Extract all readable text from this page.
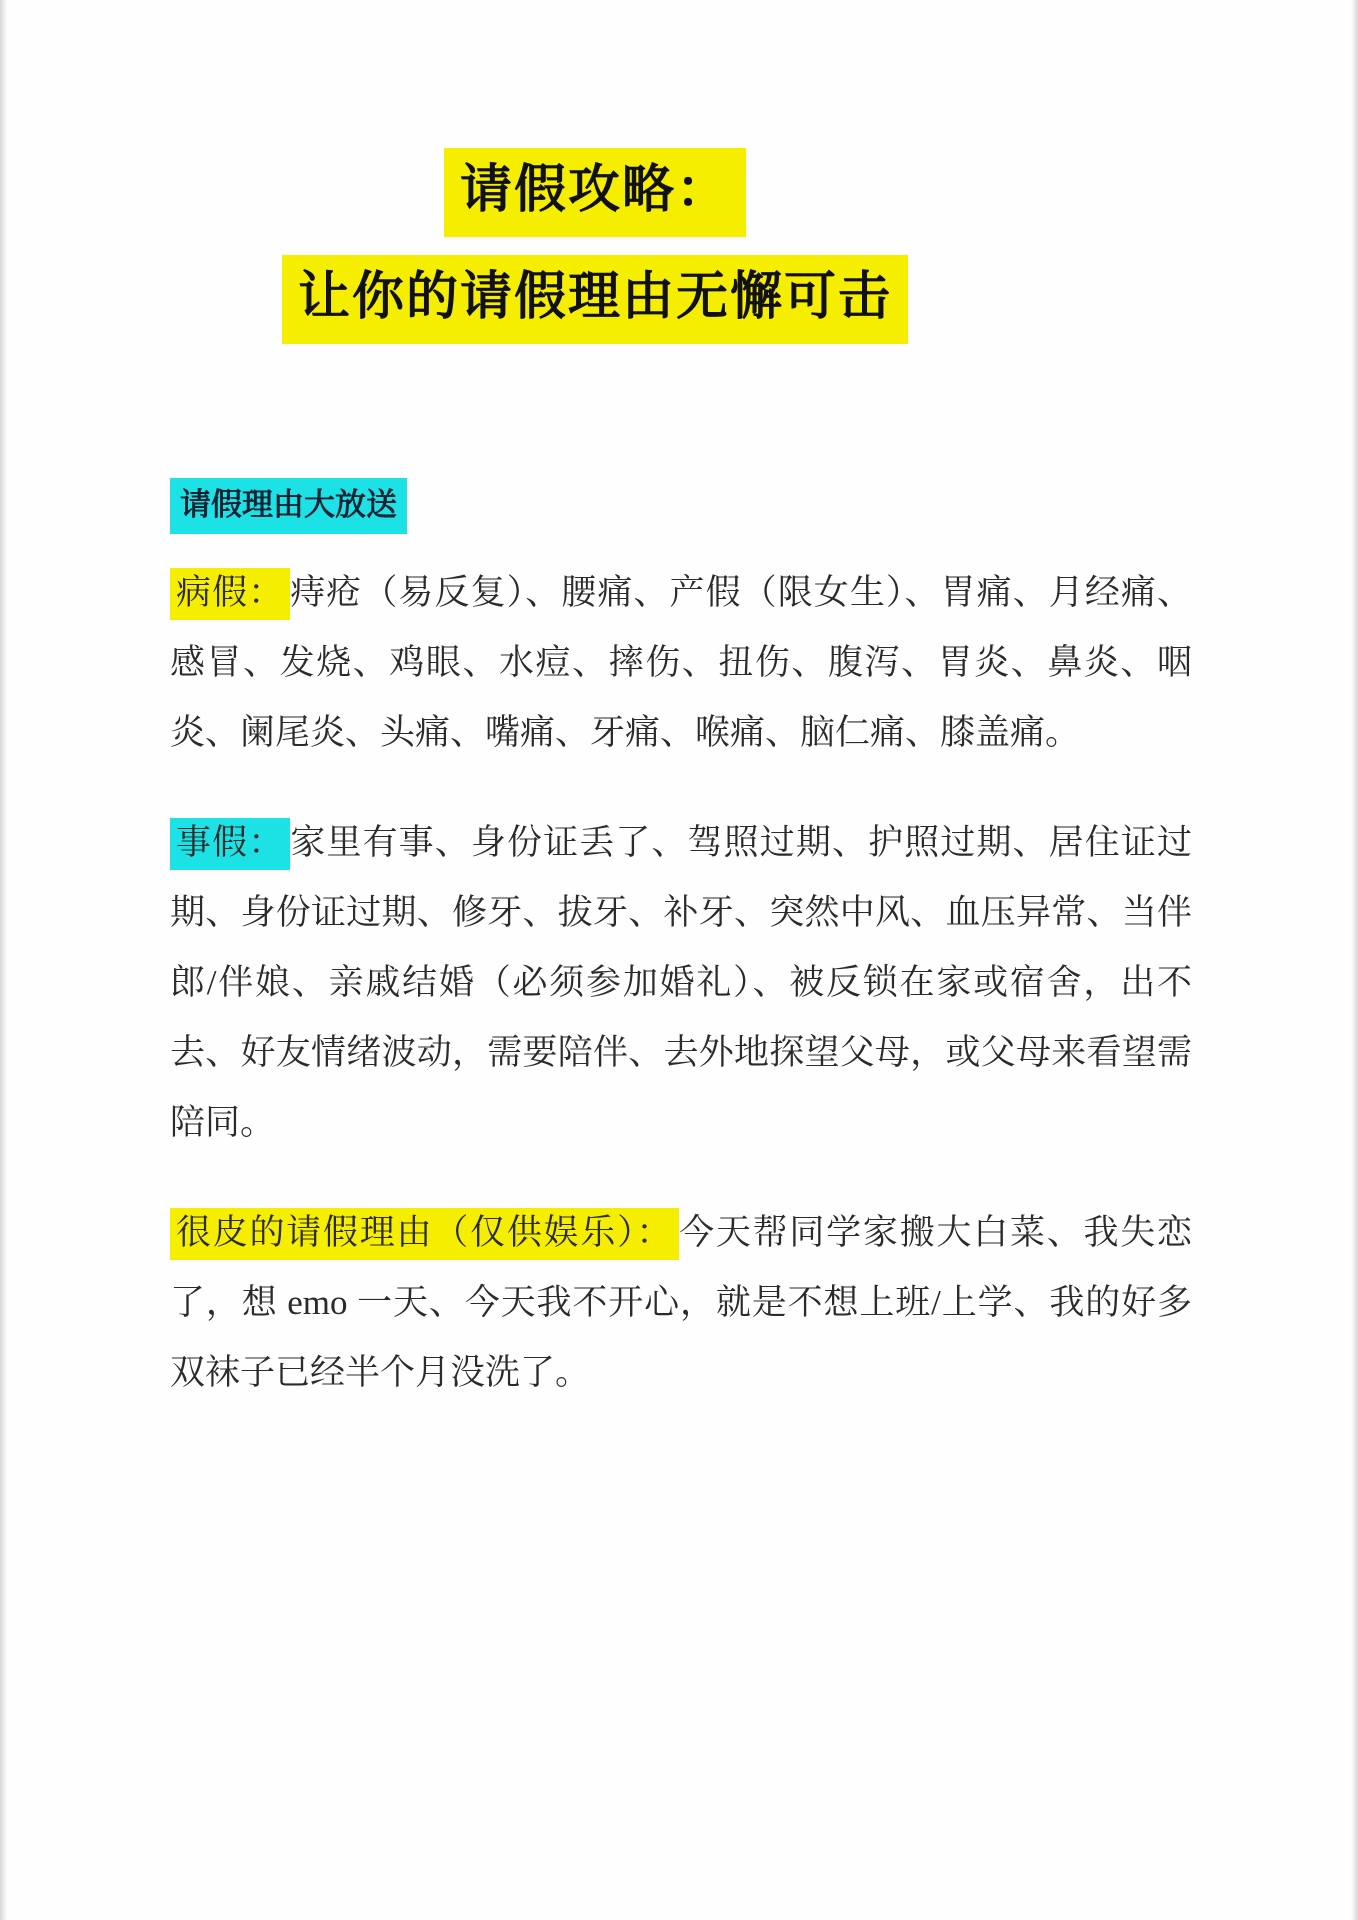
请假攻略：
让你的请假理由无懈可击
请假理由大放送

病假： 痔疮（易反复）、腰痛、产假（限女生）、胃痛、月经痛、感冒、发烧、鸡眼、水痘、摔伤、扭伤、腹泻、胃炎、鼻炎、咽炎、阑尾炎、头痛、嘴痛、牙痛、喉痛、脑仁痛、膝盖痛。

事假： 家里有事、身份证丢了、驾照过期、护照过期、居住证过期、身份证过期、修牙、拔牙、补牙、突然中风、血压异常、当伴郎/伴娘、亲戚结婚（必须参加婚礼）、被反锁在家或宿舍，出不去、好友情绪波动，需要陪伴、去外地探望父母，或父母来看望需陪同。

很皮的请假理由（仅供娱乐）： 今天帮同学家搬大白菜、我失恋了，想 emo 一天、今天我不开心，就是不想上班/上学、我的好多双袜子已经半个月没洗了。
